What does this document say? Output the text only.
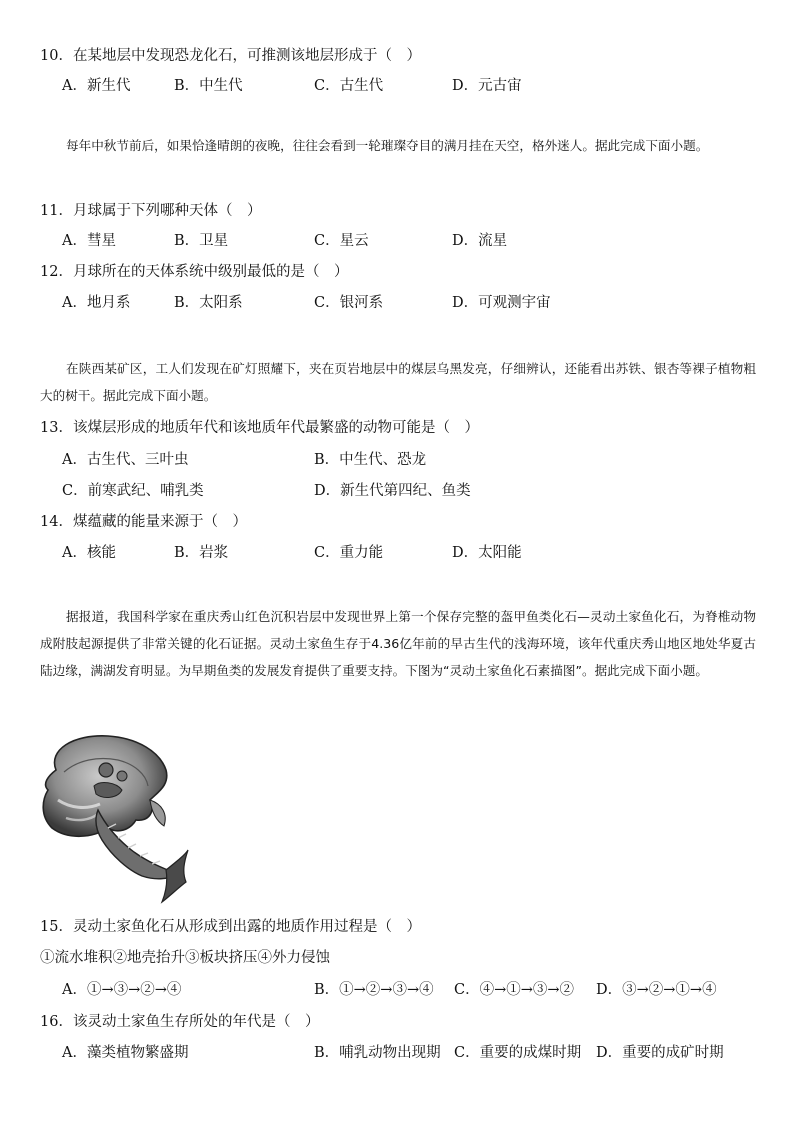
10．在某地层中发现恐龙化石，可推测该地层形成于（　）
A．新生代	B．中生代	C．古生代	D．元古宙
每年中秋节前后，如果恰逢晴朗的夜晚，往往会看到一轮璀璨夺目的满月挂在天空，格外迷人。据此完成下面小题。
11．月球属于下列哪种天体（　）
A．彗星	B．卫星	C．星云	D．流星
12．月球所在的天体系统中级别最低的是（　）
A．地月系	B．太阳系	C．银河系	D．可观测宇宙
在陕西某矿区，工人们发现在矿灯照耀下，夹在页岩地层中的煤层乌黑发亮，仔细辨认，还能看出苏铁、银杏等裸子植物粗大的树干。据此完成下面小题。
13．该煤层形成的地质年代和该地质年代最繁盛的动物可能是（　）
A．古生代、三叶虫	B．中生代、恐龙
C．前寒武纪、哺乳类	D．新生代第四纪、鱼类
14．煤蕴藏的能量来源于（　）
A．核能	B．岩浆	C．重力能	D．太阳能
据报道，我国科学家在重庆秀山红色沉积岩层中发现世界上第一个保存完整的盔甲鱼类化石—灵动土家鱼化石，为脊椎动物成附肢起源提供了非常关键的化石证据。灵动土家鱼生存于4.36亿年前的早古生代的浅海环境，该年代重庆秀山地区地处华夏古陆边缘，满湖发育明显。为早期鱼类的发展发育提供了重要支持。下图为“灵动土家鱼化石素描图”。据此完成下面小题。
15．灵动土家鱼化石从形成到出露的地质作用过程是（　）
①流水堆积②地壳抬升③板块挤压④外力侵蚀
A．①→③→②→④	B．①→②→③→④ C．④→①→③→② D．③→②→①→④
16．该灵动土家鱼生存所处的年代是（　）
A．藻类植物繁盛期	B．哺乳动物出现期 C．重要的成煤时期 D．重要的成矿时期
